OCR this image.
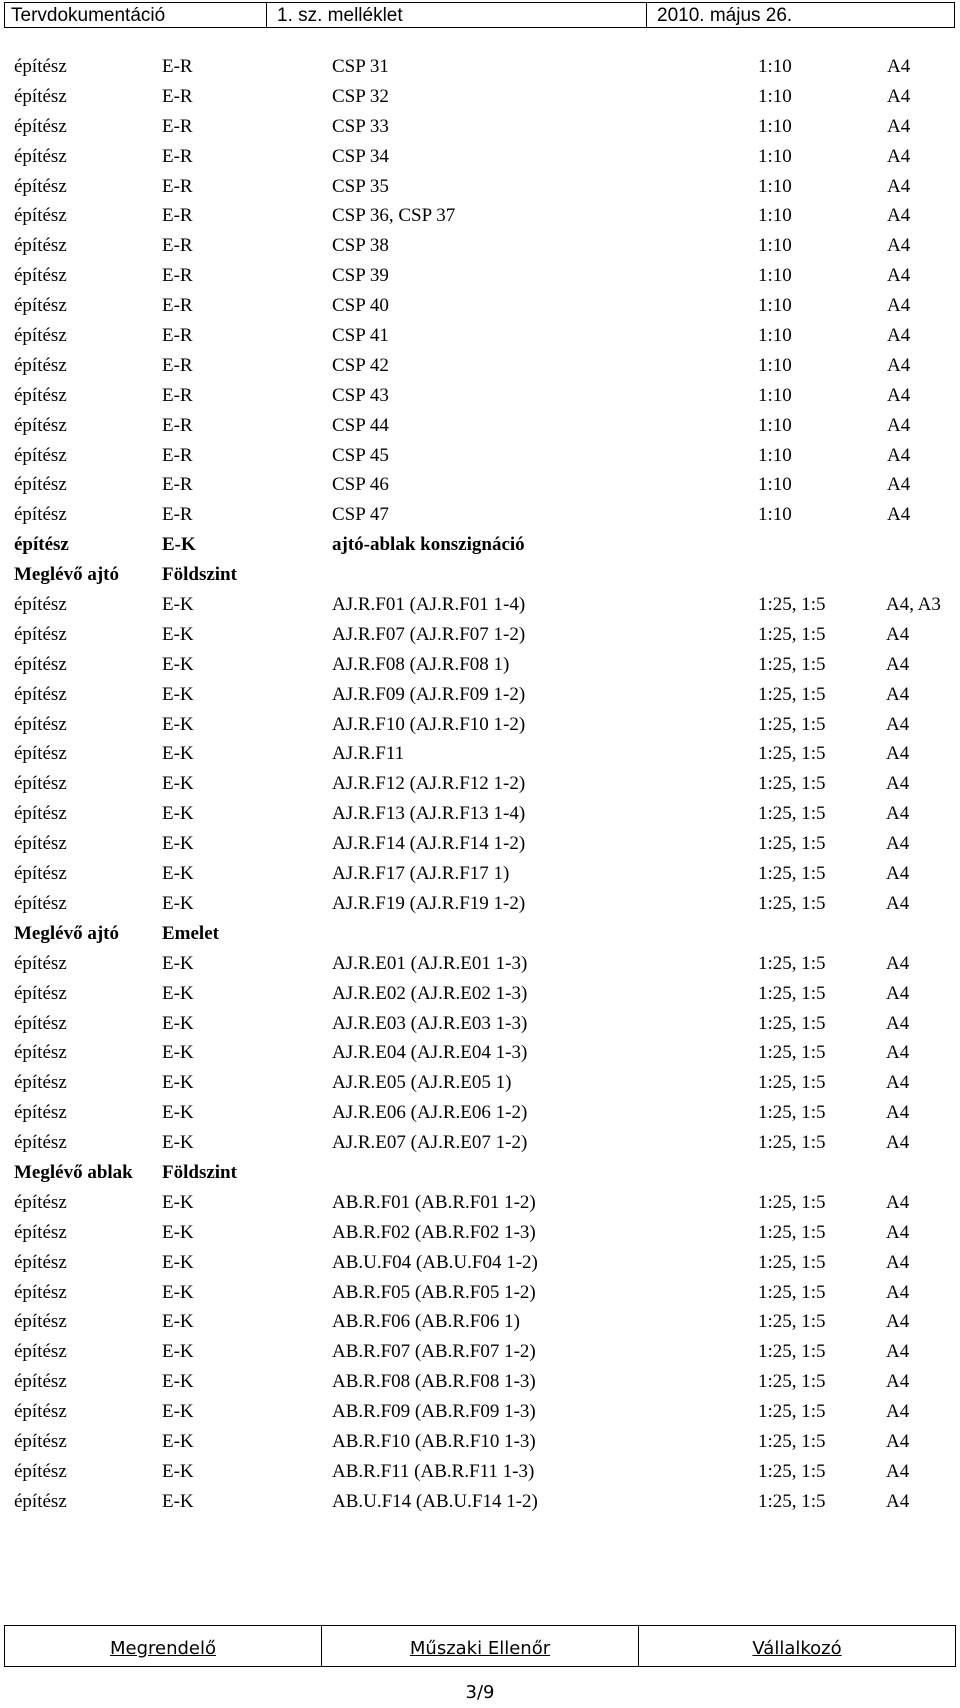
Tervdokumentáció	1. sz. melléklet	2010. május 26.
építész	E-R	CSP 31	1:10	A4
építész	E-R	CSP 32	1:10	A4
építész	E-R	CSP 33	1:10	A4
építész	E-R	CSP 34	1:10	A4
építész	E-R	CSP 35	1:10	A4
építész	E-R	CSP 36, CSP 37	1:10	A4
építész	E-R	CSP 38	1:10	A4
építész	E-R	CSP 39	1:10	A4
építész	E-R	CSP 40	1:10	A4
építész	E-R	CSP 41	1:10	A4
építész	E-R	CSP 42	1:10	A4
építész	E-R	CSP 43	1:10	A4
építész	E-R	CSP 44	1:10	A4
építész	E-R	CSP 45	1:10	A4
építész	E-R	CSP 46	1:10	A4
építész	E-R	CSP 47	1:10	A4
építész	E-K	ajtó-ablak konszignáció
Meglévő ajtó Földszint
építész	E-K	AJ.R.F01 (AJ.R.F01 1-4)	1:25, 1:5	A4, A3
építész	E-K	AJ.R.F07 (AJ.R.F07 1-2)	1:25, 1:5	A4
építész	E-K	AJ.R.F08 (AJ.R.F08 1)	1:25, 1:5	A4
építész	E-K	AJ.R.F09 (AJ.R.F09 1-2)	1:25, 1:5	A4
építész	E-K	AJ.R.F10 (AJ.R.F10 1-2)	1:25, 1:5	A4
építész	E-K	AJ.R.F11	1:25, 1:5	A4
építész	E-K	AJ.R.F12 (AJ.R.F12 1-2)	1:25, 1:5	A4
építész	E-K	AJ.R.F13 (AJ.R.F13 1-4)	1:25, 1:5	A4
építész	E-K	AJ.R.F14 (AJ.R.F14 1-2)	1:25, 1:5	A4
építész	E-K	AJ.R.F17 (AJ.R.F17 1)	1:25, 1:5	A4
építész	E-K	AJ.R.F19 (AJ.R.F19 1-2)	1:25, 1:5	A4
Meglévő ajtó Emelet
építész	E-K	AJ.R.E01 (AJ.R.E01 1-3)	1:25, 1:5	A4
építész	E-K	AJ.R.E02 (AJ.R.E02 1-3)	1:25, 1:5	A4
építész	E-K	AJ.R.E03 (AJ.R.E03 1-3)	1:25, 1:5	A4
építész	E-K	AJ.R.E04 (AJ.R.E04 1-3)	1:25, 1:5	A4
építész	E-K	AJ.R.E05 (AJ.R.E05 1)	1:25, 1:5	A4
építész	E-K	AJ.R.E06 (AJ.R.E06 1-2)	1:25, 1:5	A4
építész	E-K	AJ.R.E07 (AJ.R.E07 1-2)	1:25, 1:5	A4
Meglévő ablak Földszint
építész	E-K	AB.R.F01 (AB.R.F01 1-2)	1:25, 1:5	A4
építész	E-K	AB.R.F02 (AB.R.F02 1-3)	1:25, 1:5	A4
építész	E-K	AB.U.F04 (AB.U.F04 1-2)	1:25, 1:5	A4
építész	E-K	AB.R.F05 (AB.R.F05 1-2)	1:25, 1:5	A4
építész	E-K	AB.R.F06 (AB.R.F06 1)	1:25, 1:5	A4
építész	E-K	AB.R.F07 (AB.R.F07 1-2)	1:25, 1:5	A4
építész	E-K	AB.R.F08 (AB.R.F08 1-3)	1:25, 1:5	A4
építész	E-K	AB.R.F09 (AB.R.F09 1-3)	1:25, 1:5	A4
építész	E-K	AB.R.F10 (AB.R.F10 1-3)	1:25, 1:5	A4
építész	E-K	AB.R.F11 (AB.R.F11 1-3)	1:25, 1:5	A4
építész	E-K	AB.U.F14 (AB.U.F14 1-2)	1:25, 1:5	A4
Megrendelő	Műszaki Ellenőr	Vállalkozó
3/9
